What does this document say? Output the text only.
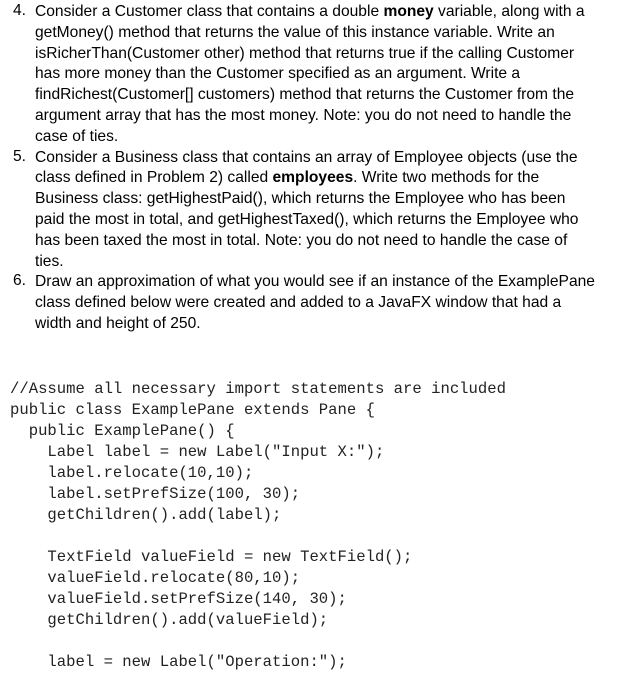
4. Consider a Customer class that contains a double money variable, along with a
getMoney() method that returns the value of this instance variable. Write an
isRicherThan(Customer other) method that returns true if the calling Customer
has more money than the Customer specified as an argument. Write a
findRichest(Customer[] customers) method that returns the Customer from the
argument array that has the most money. Note: you do not need to handle the
case of ties.
5. Consider a Business class that contains an array of Employee objects (use the
class defined in Problem 2) called employees. Write two methods for the
Business class: getHighestPaid(), which returns the Employee who has been
paid the most in total, and getHighestTaxed(), which returns the Employee who
has been taxed the most in total. Note: you do not need to handle the case of
ties.
6. Draw an approximation of what you would see if an instance of the ExamplePane
class defined below were created and added to a JavaFX window that had a
width and height of 250.
//Assume all necessary import statements are included
public class ExamplePane extends Pane {
public ExamplePane() {
Label label = new Label("Input X:");
label.relocate(10,10);
label.setPrefSize(100, 30);
getChildren().add(label);
TextField valueField = new TextField();
valueField.relocate(80,10);
valueField.setPrefSize(140, 30);
getChildren().add(valueField);
label = new Label("Operation:");
